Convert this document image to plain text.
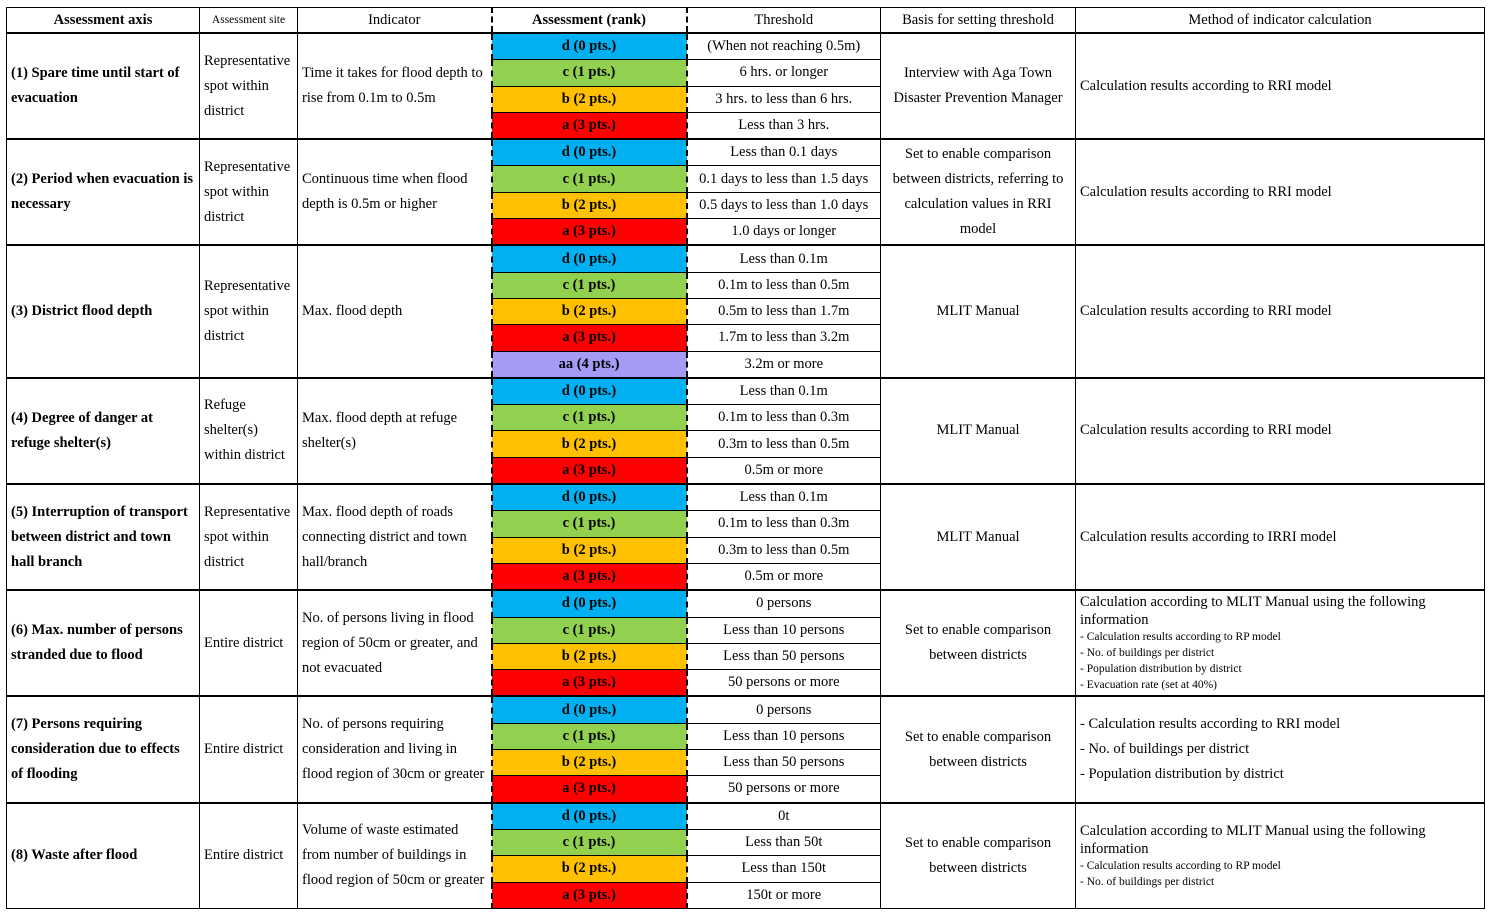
Assessment axis	Assessment site	Indicator	Assessment (rank)	Threshold	Basis for setting threshold	Method of indicator calculation
(1) Spare time until start of evacuation	Representative spot within district	Time it takes for flood depth to rise from 0.1m to 0.5m	d (0 pts.)	(When not reaching 0.5m)	Interview with Aga Town Disaster Prevention Manager	Calculation results according to RRI model
			c (1 pts.)	6 hrs. or longer		
			b (2 pts.)	3 hrs. to less than 6 hrs.		
			a (3 pts.)	Less than 3 hrs.		
(2) Period when evacuation is necessary	Representative spot within district	Continuous time when flood depth is 0.5m or higher	d (0 pts.)	Less than 0.1 days	Set to enable comparison between districts, referring to calculation values in RRI model	Calculation results according to RRI model
			c (1 pts.)	0.1 days to less than 1.5 days		
			b (2 pts.)	0.5 days to less than 1.0 days		
			a (3 pts.)	1.0 days or longer		
(3) District flood depth	Representative spot within district	Max. flood depth	d (0 pts.)	Less than 0.1m	MLIT Manual	Calculation results according to RRI model
			c (1 pts.)	0.1m to less than 0.5m		
			b (2 pts.)	0.5m to less than 1.7m		
			a (3 pts.)	1.7m to less than 3.2m		
			aa (4 pts.)	3.2m or more		
(4) Degree of danger at refuge shelter(s)	Refuge shelter(s) within district	Max. flood depth at refuge shelter(s)	d (0 pts.)	Less than 0.1m	MLIT Manual	Calculation results according to RRI model
			c (1 pts.)	0.1m to less than 0.3m		
			b (2 pts.)	0.3m to less than 0.5m		
			a (3 pts.)	0.5m or more		
(5) Interruption of transport between district and town hall branch	Representative spot within district	Max. flood depth of roads connecting district and town hall/branch	d (0 pts.)	Less than 0.1m	MLIT Manual	Calculation results according to IRRI model
			c (1 pts.)	0.1m to less than 0.3m		
			b (2 pts.)	0.3m to less than 0.5m		
			a (3 pts.)	0.5m or more		
(6) Max. number of persons stranded due to flood	Entire district	No. of persons living in flood region of 50cm or greater, and not evacuated	d (0 pts.)	0 persons	Set to enable comparison between districts	Calculation according to MLIT Manual using the following information
- Calculation results according to RP model
- No. of buildings per district
- Population distribution by district
- Evacuation rate (set at 40%)

			c (1 pts.)	Less than 10 persons		
			b (2 pts.)	Less than 50 persons		
			a (3 pts.)	50 persons or more		
(7) Persons requiring consideration due to effects of flooding	Entire district	No. of persons requiring consideration and living in flood region of 30cm or greater	d (0 pts.)	0 persons	Set to enable comparison between districts	- Calculation results according to RRI model
- No. of buildings per district
- Population distribution by district

			c (1 pts.)	Less than 10 persons		
			b (2 pts.)	Less than 50 persons		
			a (3 pts.)	50 persons or more		
(8) Waste after flood	Entire district	Volume of waste estimated from number of buildings in flood region of 50cm or greater	d (0 pts.)	0t	Set to enable comparison between districts	Calculation according to MLIT Manual using the following information
- Calculation results according to RP model
- No. of buildings per district

			c (1 pts.)	Less than 50t		
			b (2 pts.)	Less than 150t		
			a (3 pts.)	150t or more		
